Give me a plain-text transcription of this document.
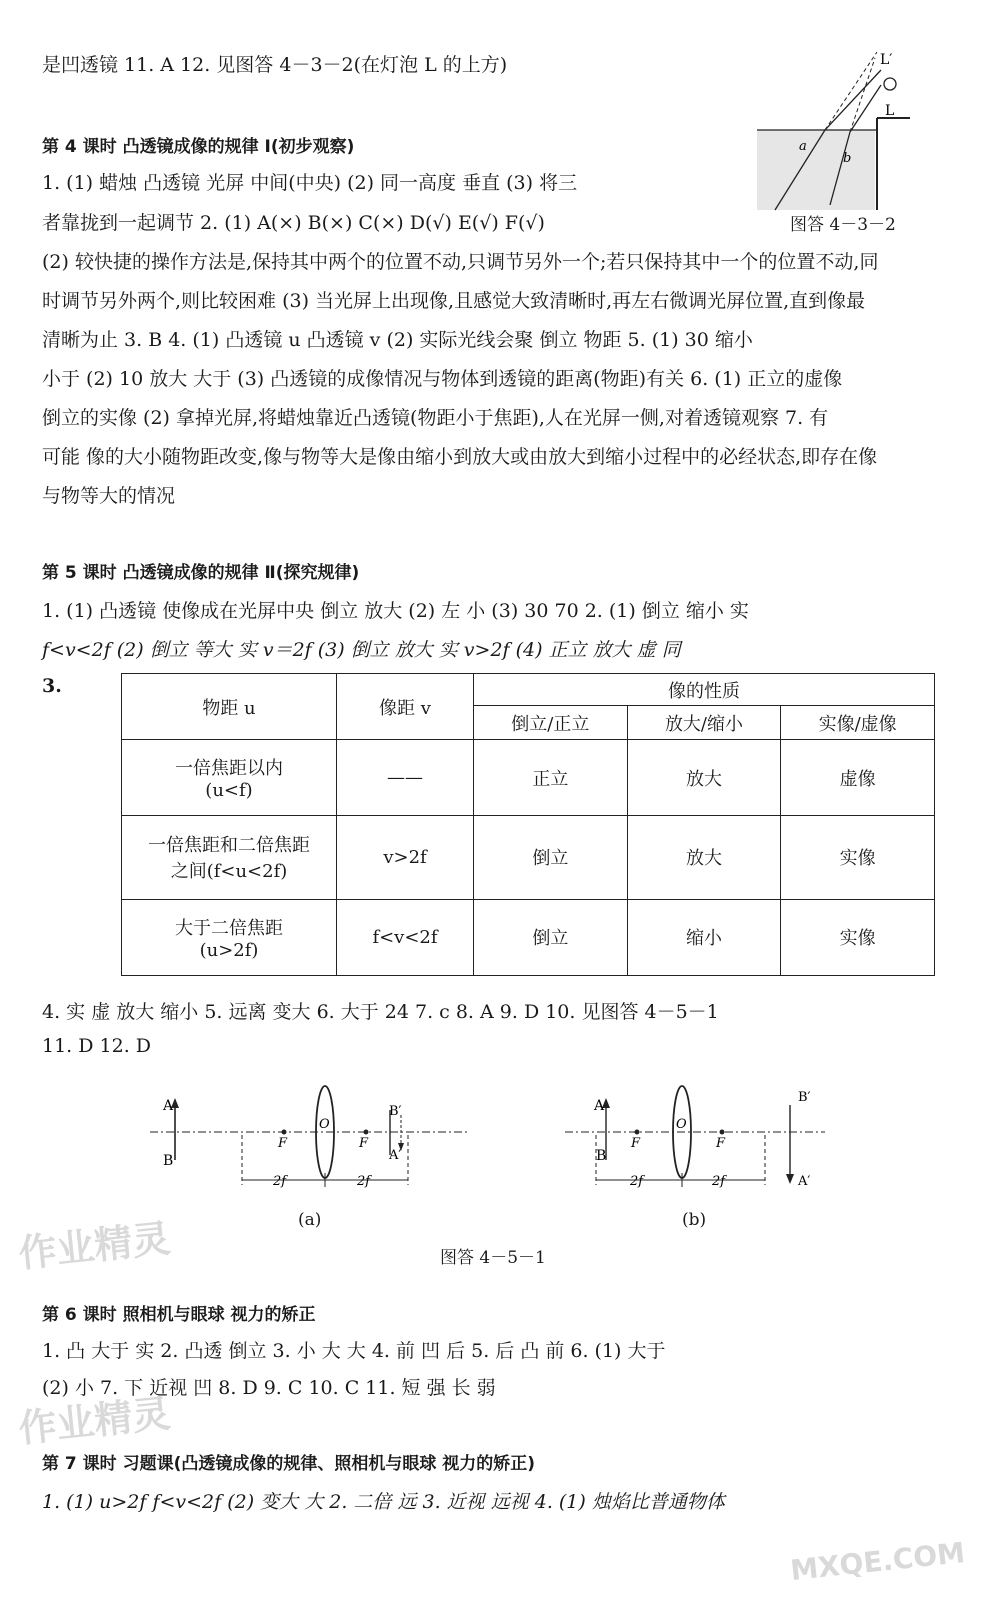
是凹透镜 11. A 12. 见图答 4－3－2(在灯泡 L 的上方)
第 4 课时 凸透镜成像的规律 Ⅰ(初步观察)
1. (1) 蜡烛 凸透镜 光屏 中间(中央) (2) 同一高度 垂直 (3) 将三
者靠拢到一起调节 2. (1) A(×) B(×) C(×) D(√) E(√) F(√)
(2) 较快捷的操作方法是,保持其中两个的位置不动,只调节另外一个;若只保持其中一个的位置不动,同
时调节另外两个,则比较困难 (3) 当光屏上出现像,且感觉大致清晰时,再左右微调光屏位置,直到像最
清晰为止 3. B 4. (1) 凸透镜 u 凸透镜 v (2) 实际光线会聚 倒立 物距 5. (1) 30 缩小
小于 (2) 10 放大 大于 (3) 凸透镜的成像情况与物体到透镜的距离(物距)有关 6. (1) 正立的虚像
倒立的实像 (2) 拿掉光屏,将蜡烛靠近凸透镜(物距小于焦距),人在光屏一侧,对着透镜观察 7. 有
可能 像的大小随物距改变,像与物等大是像由缩小到放大或由放大到缩小过程中的必经状态,即存在像
与物等大的情况
第 5 课时 凸透镜成像的规律 Ⅱ(探究规律)
1. (1) 凸透镜 使像成在光屏中央 倒立 放大 (2) 左 小 (3) 30 70 2. (1) 倒立 缩小 实
f<v<2f (2) 倒立 等大 实 v＝2f (3) 倒立 放大 实 v>2f (4) 正立 放大 虚 同
3.
物距 u	像距 v	像的性质		
		倒立/正立	放大/缩小	实像/虚像

一倍焦距以内
(u<f)	——	正立	放大	虚像

一倍焦距和二倍焦距
之间(f<u<2f)	v>2f	倒立	放大	实像

大于二倍焦距
(u>2f)	f<v<2f	倒立	缩小	实像
4. 实 虚 放大 缩小 5. 远离 变大 6. 大于 24 7. c 8. A 9. D 10. 见图答 4－5－1
11. D 12. D
L′
L
a
b
图答 4－3－2
A
B
F	F
O
B′
A′
2f	2f
(a)
A
B
F	F
O
B′
A′
2f	2f
(b)
图答 4－5－1
第 6 课时 照相机与眼球 视力的矫正
1. 凸 大于 实 2. 凸透 倒立 3. 小 大 大 4. 前 凹 后 5. 后 凸 前 6. (1) 大于
(2) 小 7. 下 近视 凹 8. D 9. C 10. C 11. 短 强 长 弱
第 7 课时 习题课(凸透镜成像的规律、照相机与眼球 视力的矫正)
1. (1) u>2f f<v<2f (2) 变大 大 2. 二倍 远 3. 近视 远视 4. (1) 烛焰比普通物体
作业精灵
作业精灵
MXQE.COM
